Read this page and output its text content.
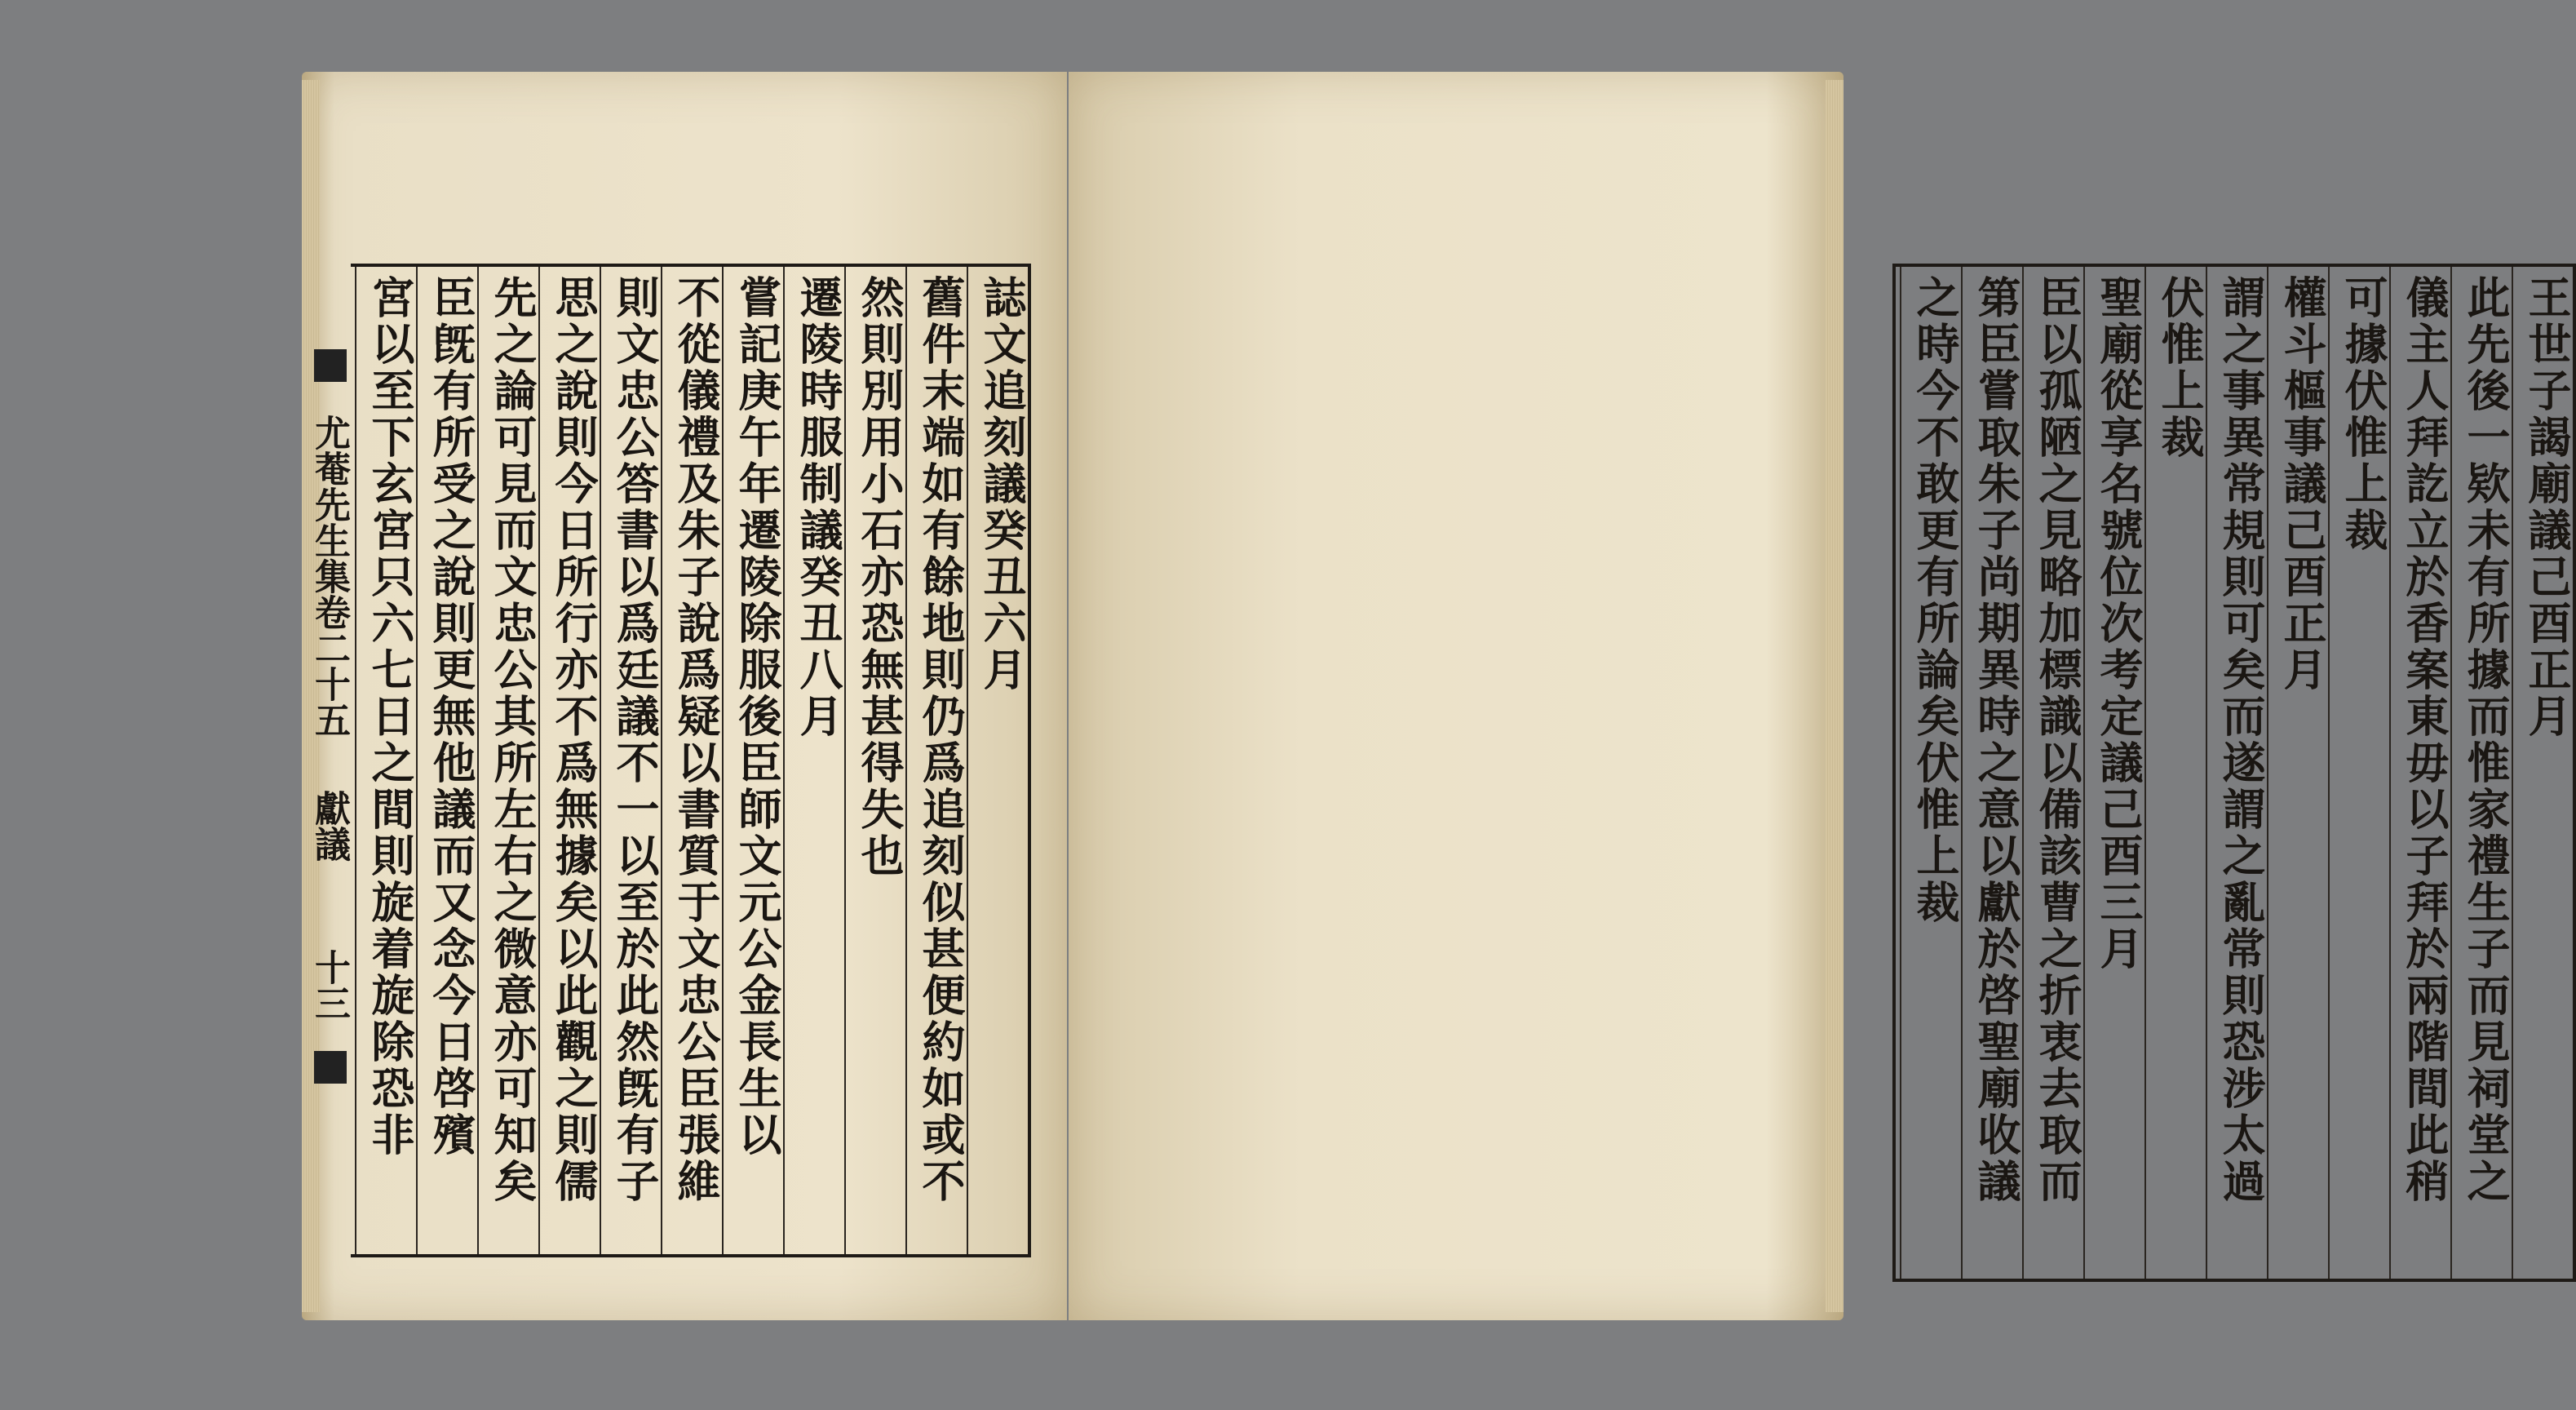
誌文追刻議癸丑六月
舊件末端如有餘地則仍爲追刻似甚便約如或不
然則別用小石亦恐無甚得失也
遷陵時服制議癸丑八月
嘗記庚午年遷陵除服後臣師文元公金長生以
不從儀禮及朱子說爲疑以書質于文忠公臣張維
則文忠公答書以爲廷議不一以至於此然旣有子
思之說則今日所行亦不爲無據矣以此觀之則儒
先之論可見而文忠公其所左右之微意亦可知矣
臣旣有所受之說則更無他議而又念今日啓殯
宮以至下玄宮只六七日之間則旋着旋除恐非
尤菴先生集卷二十五
獻議
十三
王世子謁廟議己酉正月
此先後一欵未有所據而惟家禮生子而見祠堂之
儀主人拜訖立於香案東毋以子拜於兩階間此稍
可據伏惟上裁
權斗樞事議己酉正月
謂之事異常規則可矣而遂謂之亂常則恐涉太過
伏惟上裁
聖廟從享名號位次考定議己酉三月
臣以孤陋之見略加標識以備該曹之折衷去取而
第臣嘗取朱子尚期異時之意以獻於啓聖廟收議
之時今不敢更有所論矣伏惟上裁
